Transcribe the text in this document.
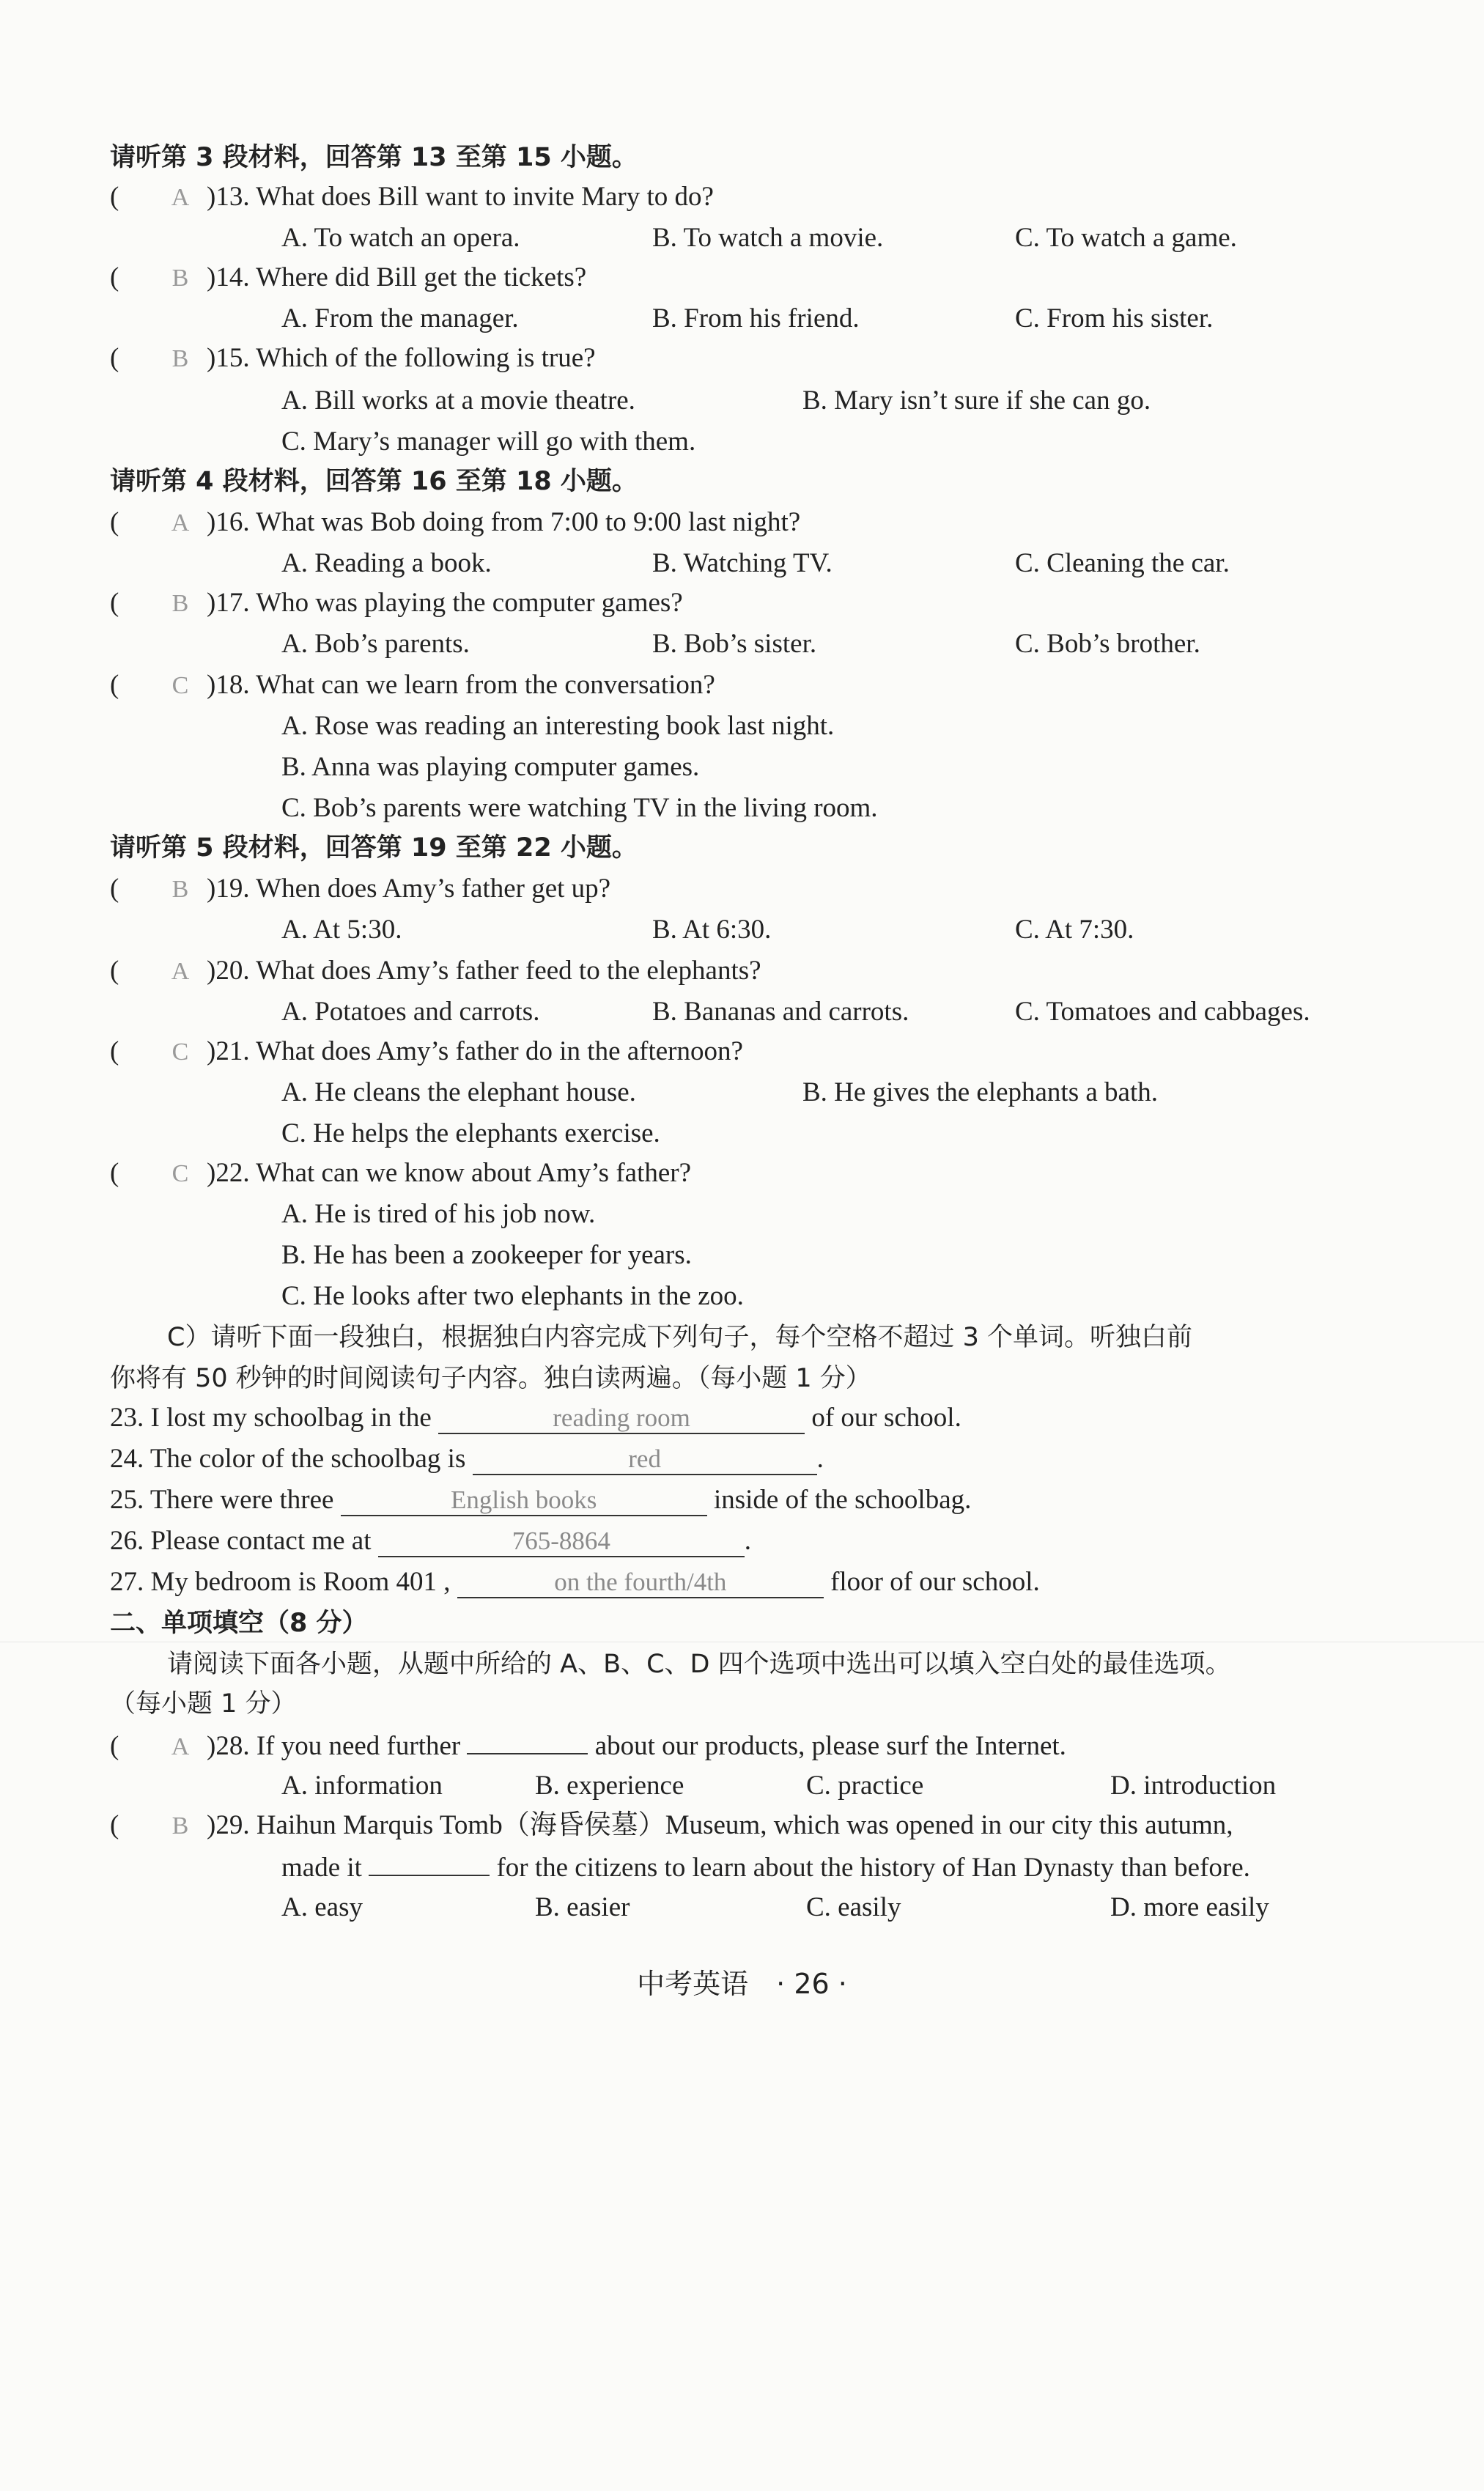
请听第 3 段材料，回答第 13 至第 15 小题。
( A )13. What does Bill want to invite Mary to do?
A. To watch an opera.	B. To watch a movie.	C. To watch a game.
( B )14. Where did Bill get the tickets?
A. From the manager.	B. From his friend.	C. From his sister.
( B )15. Which of the following is true?
A. Bill works at a movie theatre.	B. Mary isn’t sure if she can go.
C. Mary’s manager will go with them.
请听第 4 段材料，回答第 16 至第 18 小题。
( A )16. What was Bob doing from 7:00 to 9:00 last night?
A. Reading a book.	B. Watching TV.	C. Cleaning the car.
( B )17. Who was playing the computer games?
A. Bob’s parents.	B. Bob’s sister.	C. Bob’s brother.
( C )18. What can we learn from the conversation?
A. Rose was reading an interesting book last night.
B. Anna was playing computer games.
C. Bob’s parents were watching TV in the living room.
请听第 5 段材料，回答第 19 至第 22 小题。
( B )19. When does Amy’s father get up?
A. At 5:30.	B. At 6:30.	C. At 7:30.
( A )20. What does Amy’s father feed to the elephants?
A. Potatoes and carrots.	B. Bananas and carrots.	C. Tomatoes and cabbages.
( C )21. What does Amy’s father do in the afternoon?
A. He cleans the elephant house.	B. He gives the elephants a bath.
C. He helps the elephants exercise.
( C )22. What can we know about Amy’s father?
A. He is tired of his job now.
B. He has been a zookeeper for years.
C. He looks after two elephants in the zoo.
C）请听下面一段独白，根据独白内容完成下列句子，每个空格不超过 3 个单词。听独白前
你将有 50 秒钟的时间阅读句子内容。独白读两遍。（每小题 1 分）
23. I lost my schoolbag in the	reading room	of our school.
24. The color of the schoolbag is	red	.
25. There were three	English books	inside of the schoolbag.
26. Please contact me at	765-8864	.
27. My bedroom is Room 401 ,	on the fourth/4th	floor of our school.
二、单项填空（8 分）
请阅读下面各小题，从题中所给的 A、B、C、D 四个选项中选出可以填入空白处的最佳选项。
（每小题 1 分）
( A )28. If you need further	about our products, please surf the Internet.
A. information	B. experience	C. practice	D. introduction
( B )29. Haihun Marquis Tomb（海昏侯墓）Museum, which was opened in our city this autumn,
made it	for the citizens to learn about the history of Han Dynasty than before.
A. easy	B. easier	C. easily	D. more easily
中考英语　· 26 ·
